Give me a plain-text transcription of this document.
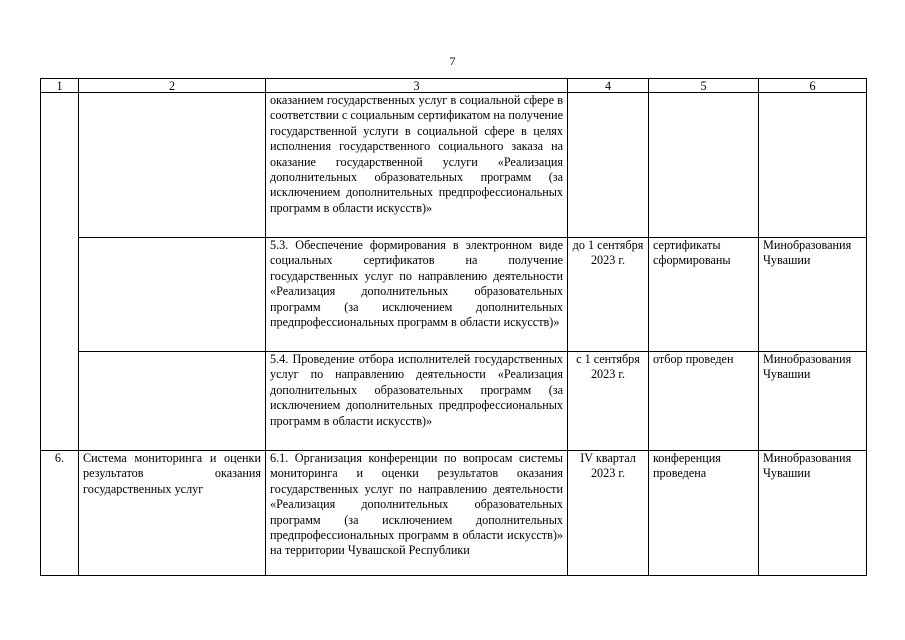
7
1	2	3	4	5	6
		оказанием государственных услуг в социальной сфере в соответствии с социальным сертификатом на получение государственной услуги в социальной сфере в целях исполнения государственного социального заказа на оказание государственной услуги «Реализация дополнительных образовательных программ (за исключением дополнительных предпрофессиональных программ в области искусств)»			
		5.3. Обеспечение формирования в электронном виде социальных сертификатов на получение государственных услуг по направлению деятельности «Реализация дополнительных образовательных программ (за исключением дополнительных предпрофессиональных программ в области искусств)»	до 1 сентября 2023 г.	сертификаты сформированы	Минобразования Чувашии
		5.4. Проведение отбора исполнителей государственных услуг по направлению деятельности «Реализация дополнительных образовательных программ (за исключением дополнительных предпрофессиональных программ в области искусств)»	с 1 сентября 2023 г.	отбор проведен	Минобразования Чувашии
6.	Система мониторинга и оценки результатов оказания государственных услуг	6.1. Организация конференции по вопросам системы мониторинга и оценки результатов оказания государственных услуг по направлению деятельности «Реализация дополнительных образовательных программ (за исключением дополнительных предпрофессиональных программ в области искусств)» на территории Чувашской Республики	IV квартал 2023 г.	конференция проведена	Минобразования Чувашии
